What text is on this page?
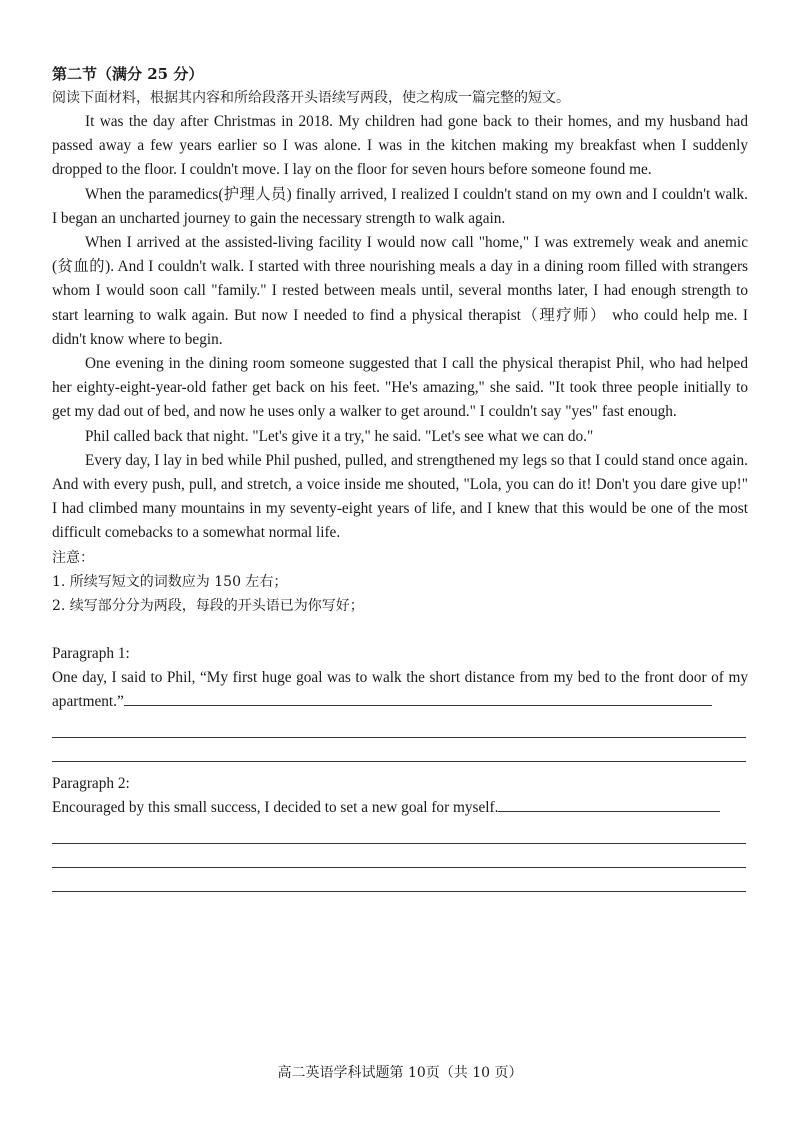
第二节（满分 25 分）
阅读下面材料，根据其内容和所给段落开头语续写两段，使之构成一篇完整的短文。

It was the day after Christmas in 2018. My children had gone back to their homes, and my husband had passed away a few years earlier so I was alone. I was in the kitchen making my breakfast when I suddenly dropped to the floor. I couldn't move. I lay on the floor for seven hours before someone found me.

When the paramedics(护理人员) finally arrived, I realized I couldn't stand on my own and I couldn't walk. I began an uncharted journey to gain the necessary strength to walk again.

When I arrived at the assisted-living facility I would now call "home," I was extremely weak and anemic (贫血的). And I couldn't walk. I started with three nourishing meals a day in a dining room filled with strangers whom I would soon call "family." I rested between meals until, several months later, I had enough strength to start learning to walk again. But now I needed to find a physical therapist（理疗师） who could help me. I didn't know where to begin.

One evening in the dining room someone suggested that I call the physical therapist Phil, who had helped her eighty-eight-year-old father get back on his feet. "He's amazing," she said. "It took three people initially to get my dad out of bed, and now he uses only a walker to get around." I couldn't say "yes" fast enough.

Phil called back that night. "Let's give it a try," he said. "Let's see what we can do."

Every day, I lay in bed while Phil pushed, pulled, and strengthened my legs so that I could stand once again. And with every push, pull, and stretch, a voice inside me shouted, "Lola, you can do it! Don't you dare give up!" I had climbed many mountains in my seventy-eight years of life, and I knew that this would be one of the most difficult comebacks to a somewhat normal life.

注意：
1. 所续写短文的词数应为 150 左右；
2. 续写部分分为两段，每段的开头语已为你写好；
Paragraph 1:
One day, I said to Phil, “My first huge goal was to walk the short distance from my bed to the front door of my apartment.”
Paragraph 2:
Encouraged by this small success, I decided to set a new goal for myself.
高二英语学科试题第 10页（共 10 页）
